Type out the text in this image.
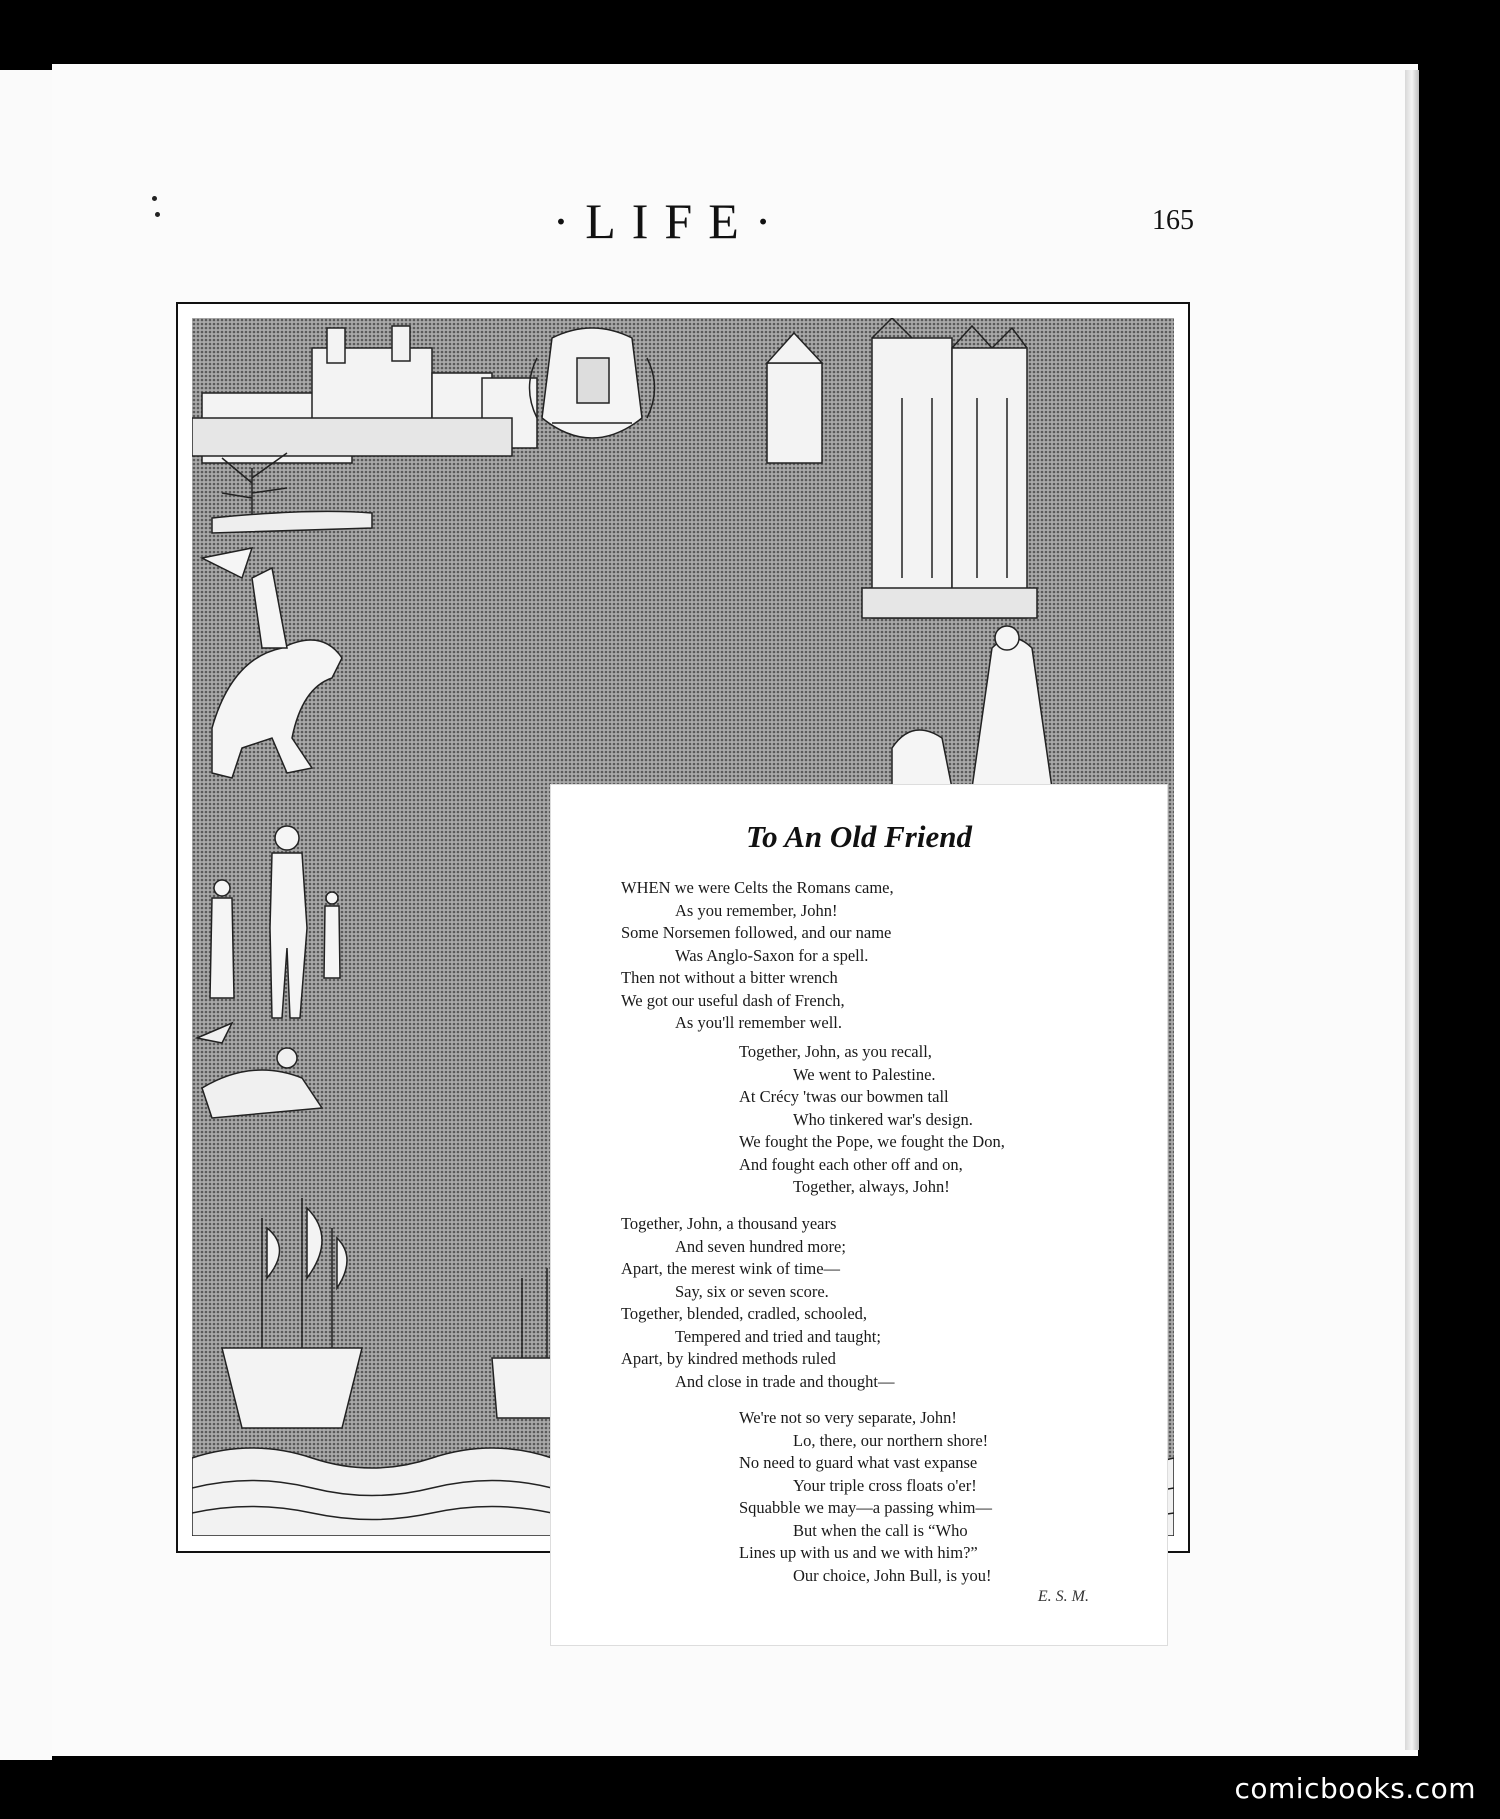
·LIFE·	165
To An Old Friend
WHEN we were Celts the Romans came,
As you remember, John!
Some Norsemen followed, and our name
Was Anglo-Saxon for a spell.
Then not without a bitter wrench
We got our useful dash of French,
As you'll remember well.
Together, John, as you recall,
We went to Palestine.
At Crécy 'twas our bowmen tall
Who tinkered war's design.
We fought the Pope, we fought the Don,
And fought each other off and on,
Together, always, John!
Together, John, a thousand years
And seven hundred more;
Apart, the merest wink of time—
Say, six or seven score.
Together, blended, cradled, schooled,
Tempered and tried and taught;
Apart, by kindred methods ruled
And close in trade and thought—
We're not so very separate, John!
Lo, there, our northern shore!
No need to guard what vast expanse
Your triple cross floats o'er!
Squabble we may—a passing whim—
But when the call is “Who
Lines up with us and we with him?”
Our choice, John Bull, is you!
E. S. M.
comicbooks.com
